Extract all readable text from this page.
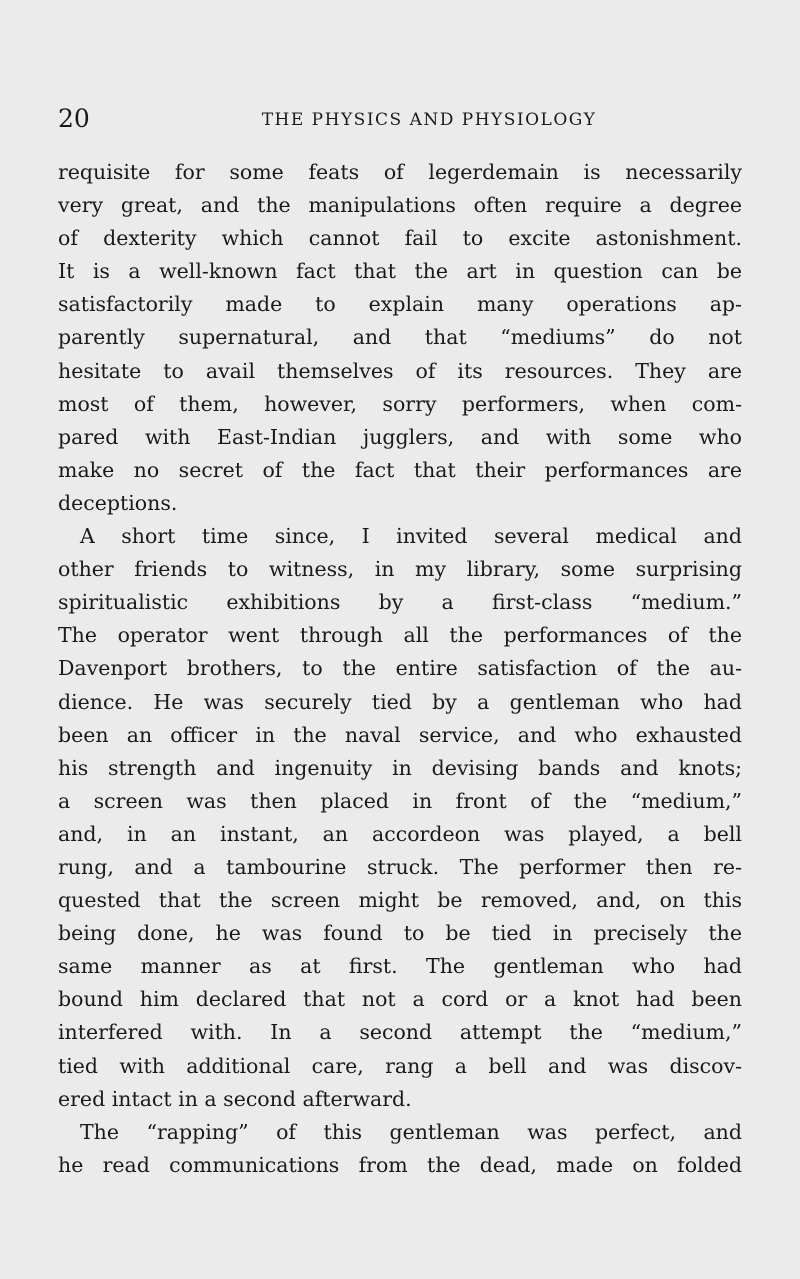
20	THE PHYSICS AND PHYSIOLOGY
requisite for some feats of legerdemain is necessarily
very great, and the manipulations often require a degree
of dexterity which cannot fail to excite astonishment.
It is a well-known fact that the art in question can be
satisfactorily made to explain many operations ap-
parently supernatural, and that “mediums” do not
hesitate to avail themselves of its resources. They are
most of them, however, sorry performers, when com-
pared with East-Indian jugglers, and with some who
make no secret of the fact that their performances are
deceptions.
A short time since, I invited several medical and
other friends to witness, in my library, some surprising
spiritualistic exhibitions by a first-class “medium.”
The operator went through all the performances of the
Davenport brothers, to the entire satisfaction of the au-
dience. He was securely tied by a gentleman who had
been an officer in the naval service, and who exhausted
his strength and ingenuity in devising bands and knots;
a screen was then placed in front of the “medium,”
and, in an instant, an accordeon was played, a bell
rung, and a tambourine struck. The performer then re-
quested that the screen might be removed, and, on this
being done, he was found to be tied in precisely the
same manner as at first. The gentleman who had
bound him declared that not a cord or a knot had been
interfered with. In a second attempt the “medium,”
tied with additional care, rang a bell and was discov-
ered intact in a second afterward.
The “rapping” of this gentleman was perfect, and
he read communications from the dead, made on folded
